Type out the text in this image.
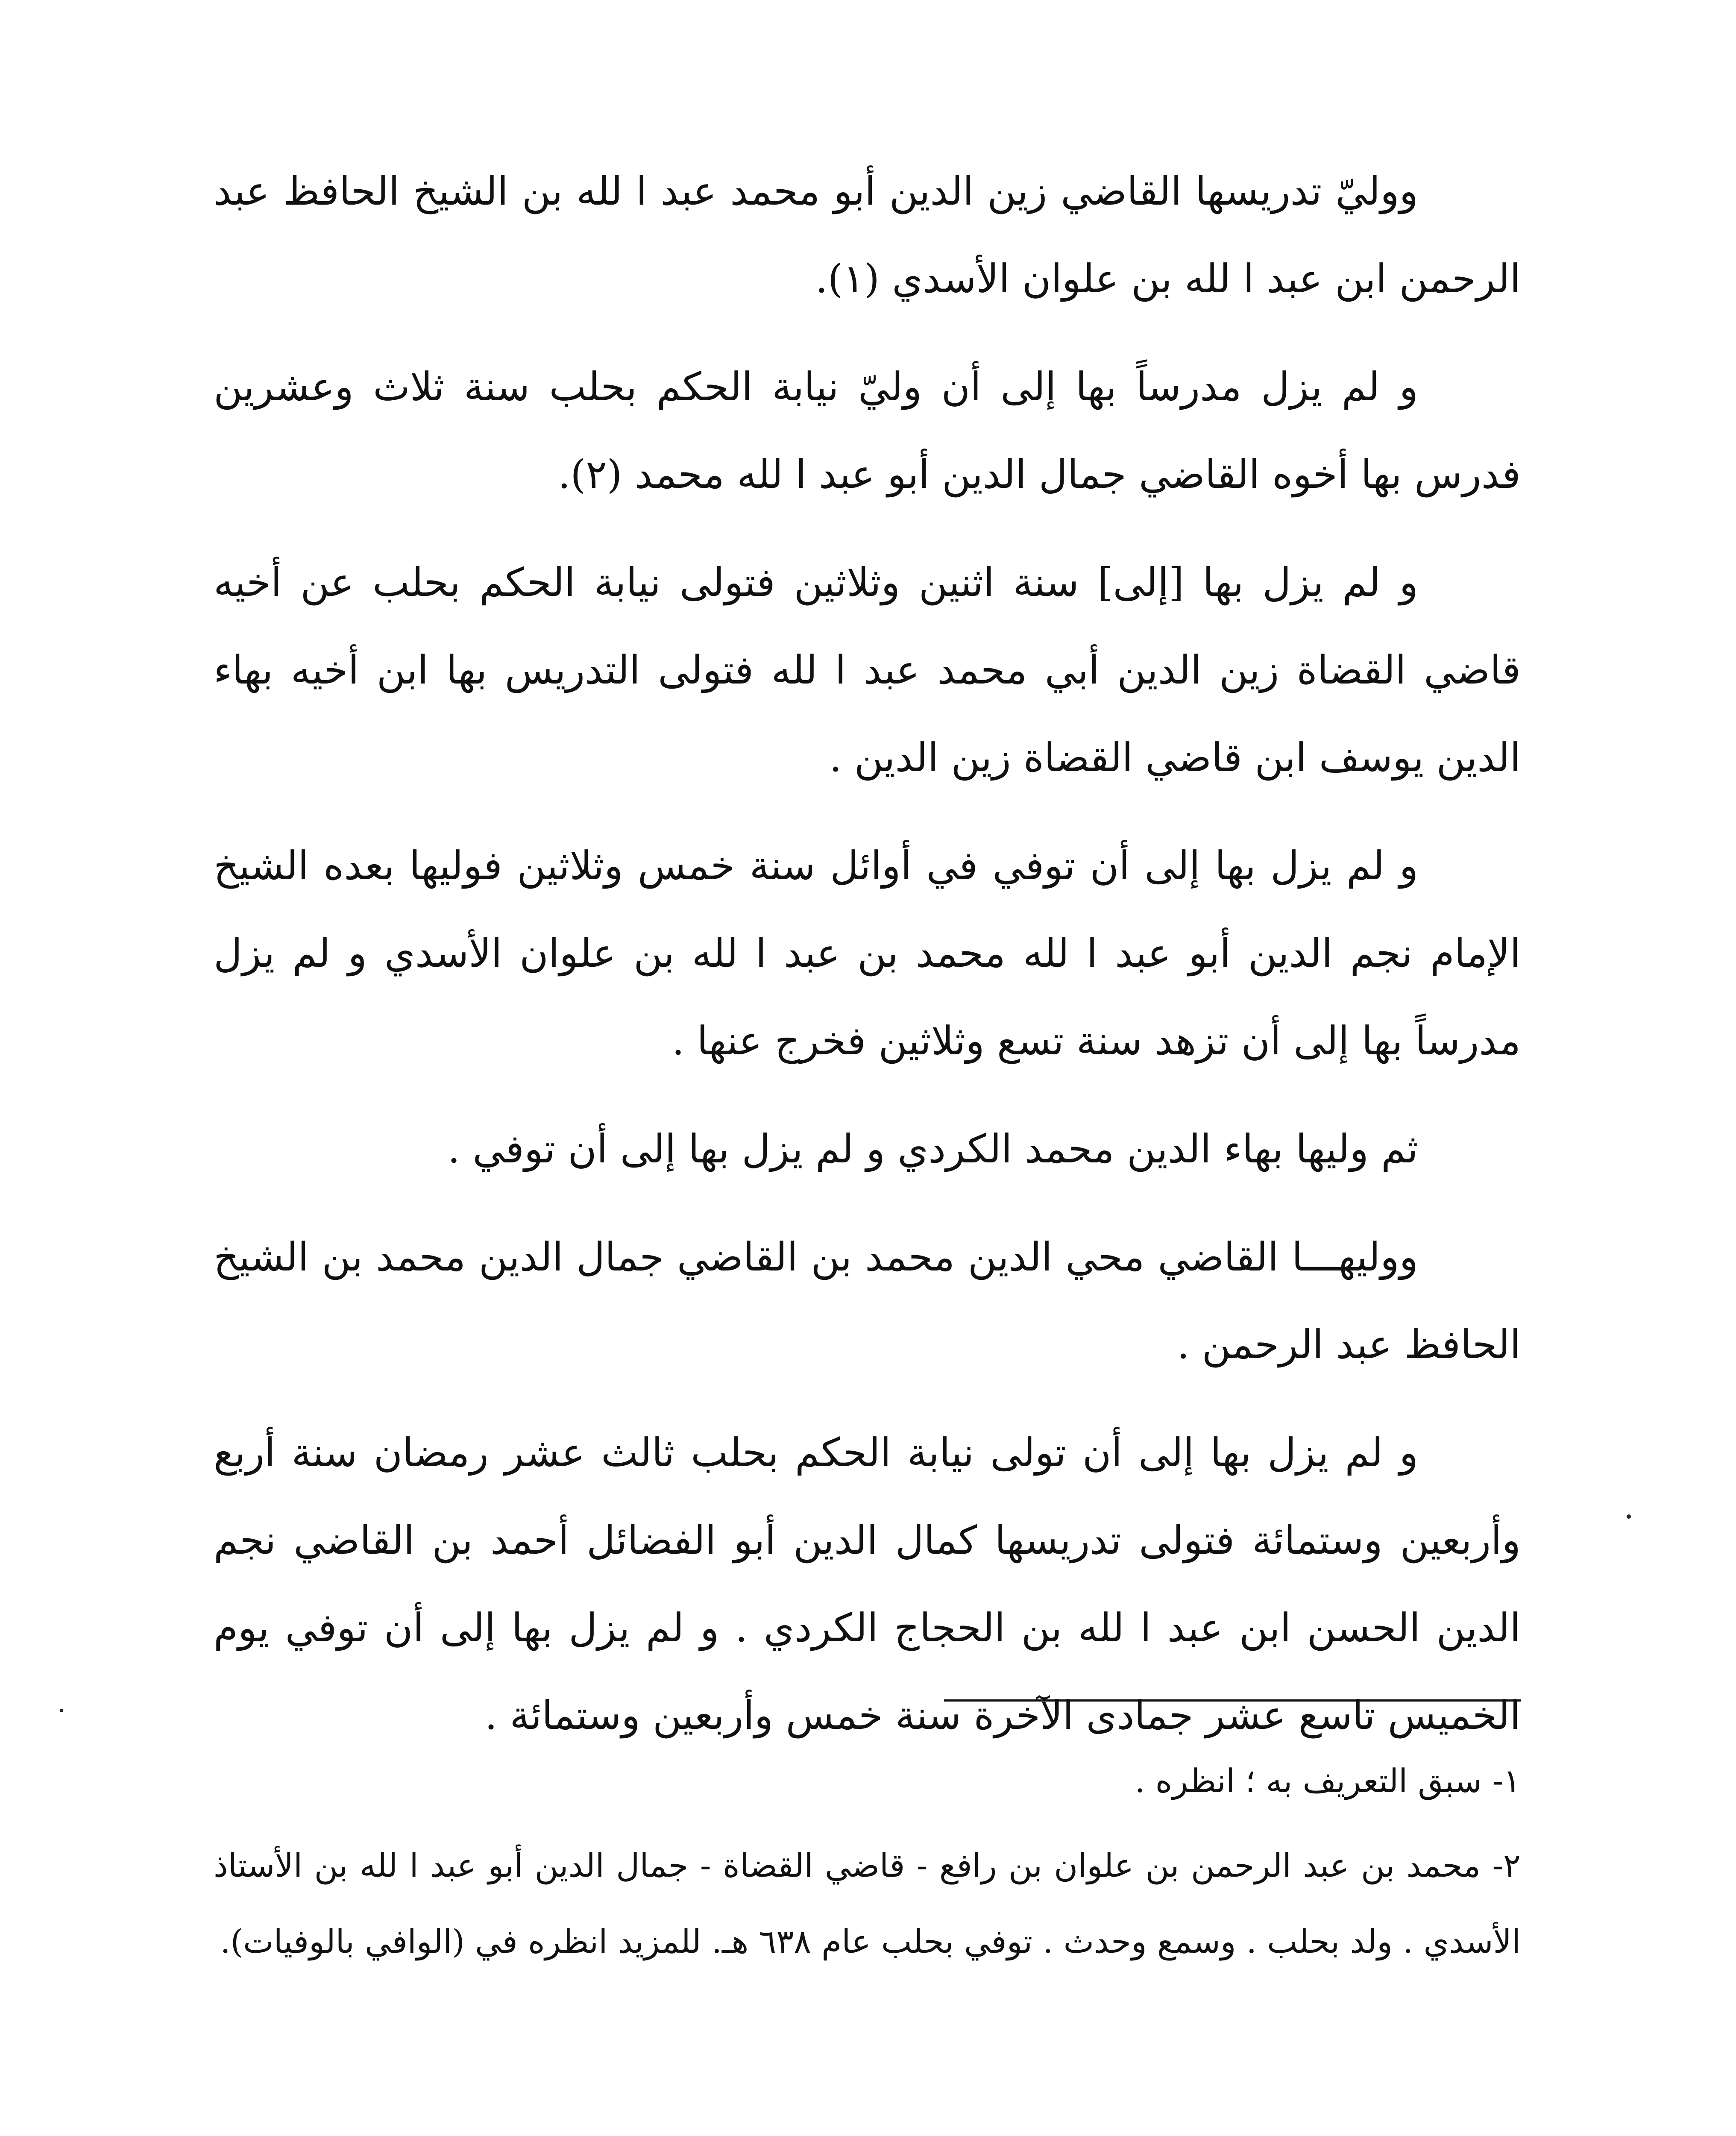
ووليّ تدريسها القاضي زين الدين أبو محمد عبد ا لله بن الشيخ الحافظ عبد الرحمن ابن عبد ا لله بن علوان الأسدي (١).

و لم يزل مدرساً بها إلى أن وليّ نيابة الحكم بحلب سنة ثلاث وعشرين فدرس بها أخوه القاضي جمال الدين أبو عبد ا لله محمد (٢).

و لم يزل بها [إلى] سنة اثنين وثلاثين فتولى نيابة الحكم بحلب عن أخيه قاضي القضاة زين الدين أبي محمد عبد ا لله فتولى التدريس بها ابن أخيه بهاء الدين يوسف ابن قاضي القضاة زين الدين .

و لم يزل بها إلى أن توفي في أوائل سنة خمس وثلاثين فوليها بعده الشيخ الإمام نجم الدين أبو عبد ا لله محمد بن عبد ا لله بن علوان الأسدي و لم يزل مدرساً بها إلى أن تزهد سنة تسع وثلاثين فخرج عنها .

ثم وليها بهاء الدين محمد الكردي و لم يزل بها إلى أن توفي .

ووليهـــا القاضي محي الدين محمد بن القاضي جمال الدين محمد بن الشيخ الحافظ عبد الرحمن .

و لم يزل بها إلى أن تولى نيابة الحكم بحلب ثالث عشر رمضان سنة أربع وأربعين وستمائة فتولى تدريسها كمال الدين أبو الفضائل أحمد بن القاضي نجم الدين الحسن ابن عبد ا لله بن الحجاج الكردي . و لم يزل بها إلى أن توفي يوم الخميس تاسع عشر جمادى الآخرة سنة خمس وأربعين وستمائة .

١- سبق التعريف به ؛ انظره .

٢- محمد بن عبد الرحمن بن علوان بن رافع - قاضي القضاة - جمال الدين أبو عبد ا لله بن الأستاذ الأسدي . ولد بحلب . وسمع وحدث . توفي بحلب عام ٦٣٨ هـ. للمزيد انظره في (الوافي بالوفيات).
